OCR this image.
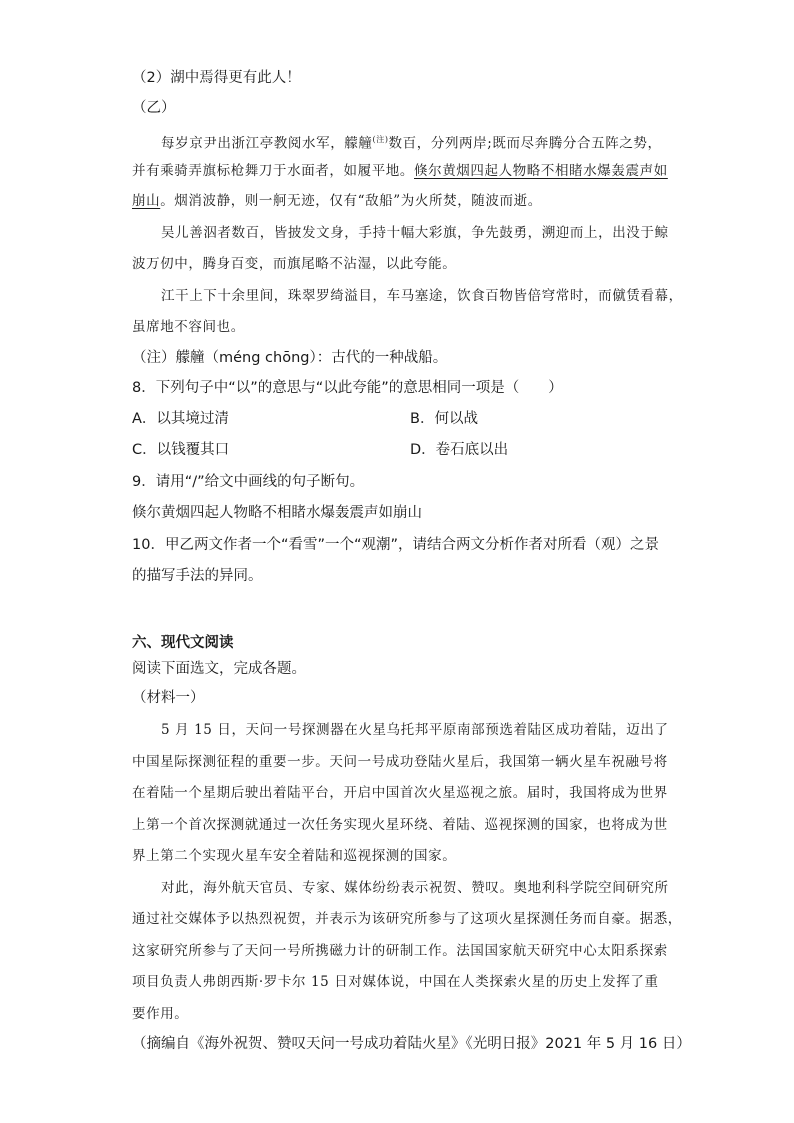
（2）湖中焉得更有此人！
（乙）
每岁京尹出浙江亭教阅水军，艨艟$^{(注)}$数百，分列两岸;既而尽奔腾分合五阵之势，
并有乘骑弄旗标枪舞刀于水面者，如履平地。倏尔黄烟四起人物略不相睹水爆轰震声如
崩山。烟消波静，则一舸无迹，仅有“敌船”为火所焚，随波而逝。
吴儿善泅者数百，皆披发文身，手持十幅大彩旗，争先鼓勇，溯迎而上，出没于鲸
波万仞中，腾身百变，而旗尾略不沾湿，以此夸能。
江干上下十余里间，珠翠罗绮溢目，车马塞途，饮食百物皆倍穹常时，而僦赁看幕，
虽席地不容间也。
（注）艨艟（méng chōng）：古代的一种战船。
8．下列句子中“以”的意思与“以此夸能”的意思相同一项是（　　）
A．以其境过清	B．何以战
C．以钱覆其口	D．卷石底以出
9．请用“/”给文中画线的句子断句。
倏尔黄烟四起人物略不相睹水爆轰震声如崩山
10．甲乙两文作者一个“看雪”一个“观潮”，请结合两文分析作者对所看（观）之景
的描写手法的异同。
六、现代文阅读
阅读下面选文，完成各题。
（材料一）
5 月 15 日，天问一号探测器在火星乌托邦平原南部预选着陆区成功着陆，迈出了
中国星际探测征程的重要一步。天问一号成功登陆火星后，我国第一辆火星车祝融号将
在着陆一个星期后驶出着陆平台，开启中国首次火星巡视之旅。届时，我国将成为世界
上第一个首次探测就通过一次任务实现火星环绕、着陆、巡视探测的国家，也将成为世
界上第二个实现火星车安全着陆和巡视探测的国家。
对此，海外航天官员、专家、媒体纷纷表示祝贺、赞叹。奥地利科学院空间研究所
通过社交媒体予以热烈祝贺，并表示为该研究所参与了这项火星探测任务而自豪。据悉，
这家研究所参与了天问一号所携磁力计的研制工作。法国国家航天研究中心太阳系探索
项目负责人弗朗西斯·罗卡尔 15 日对媒体说，中国在人类探索火星的历史上发挥了重
要作用。
（摘编自《海外祝贺、赞叹天问一号成功着陆火星》《光明日报》2021 年 5 月 16 日）
